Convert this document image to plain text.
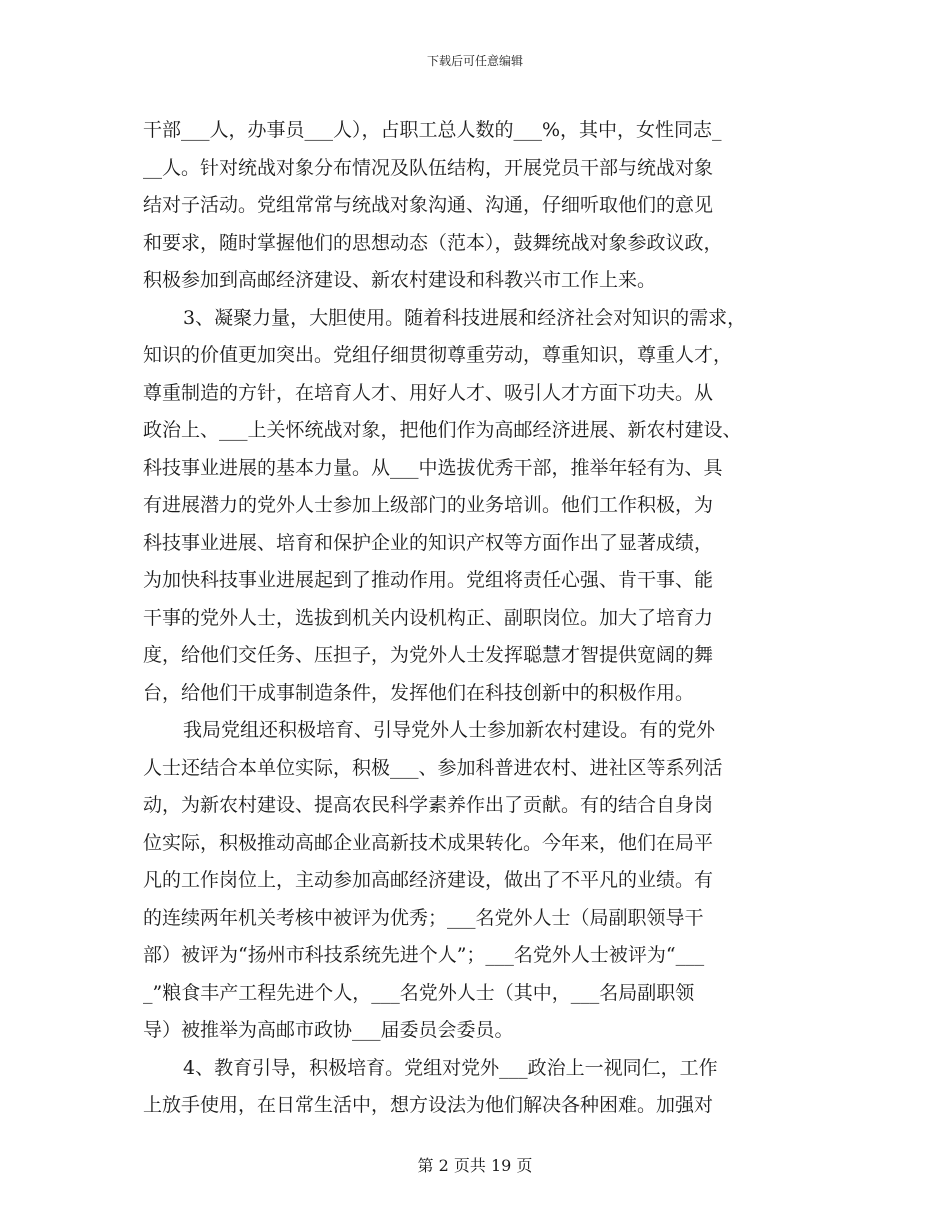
下载后可任意编辑
干部___人，办事员___人），占职工总人数的___%，其中，女性同志_
__人。针对统战对象分布情况及队伍结构，开展党员干部与统战对象
结对子活动。党组常常与统战对象沟通、沟通，仔细听取他们的意见
和要求，随时掌握他们的思想动态（范本），鼓舞统战对象参政议政，
积极参加到高邮经济建设、新农村建设和科教兴市工作上来。
3、凝聚力量，大胆使用。随着科技进展和经济社会对知识的需求，
知识的价值更加突出。党组仔细贯彻尊重劳动，尊重知识，尊重人才，
尊重制造的方针，在培育人才、用好人才、吸引人才方面下功夫。从
政治上、___上关怀统战对象，把他们作为高邮经济进展、新农村建设、
科技事业进展的基本力量。从___中选拔优秀干部，推举年轻有为、具
有进展潜力的党外人士参加上级部门的业务培训。他们工作积极，为
科技事业进展、培育和保护企业的知识产权等方面作出了显著成绩，
为加快科技事业进展起到了推动作用。党组将责任心强、肯干事、能
干事的党外人士，选拔到机关内设机构正、副职岗位。加大了培育力
度，给他们交任务、压担子，为党外人士发挥聪慧才智提供宽阔的舞
台，给他们干成事制造条件，发挥他们在科技创新中的积极作用。
我局党组还积极培育、引导党外人士参加新农村建设。有的党外
人士还结合本单位实际，积极___、参加科普进农村、进社区等系列活
动，为新农村建设、提高农民科学素养作出了贡献。有的结合自身岗
位实际，积极推动高邮企业高新技术成果转化。今年来，他们在局平
凡的工作岗位上，主动参加高邮经济建设，做出了不平凡的业绩。有
的连续两年机关考核中被评为优秀；___名党外人士（局副职领导干
部）被评为“扬州市科技系统先进个人”；___名党外人士被评为“___
_”粮食丰产工程先进个人，___名党外人士（其中，___名局副职领
导）被推举为高邮市政协___届委员会委员。
4、教育引导，积极培育。党组对党外___政治上一视同仁，工作
上放手使用，在日常生活中，想方设法为他们解决各种困难。加强对
第 2 页共 19 页
